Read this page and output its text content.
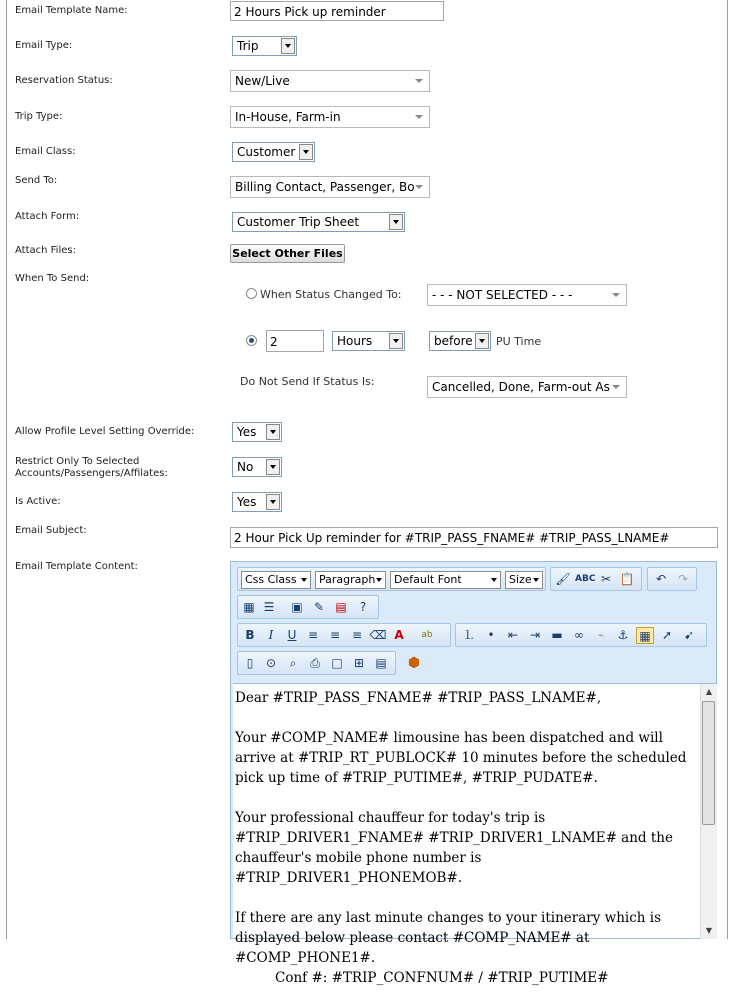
Email Template Name:	2 Hours Pick up reminder
Email Type:	Trip
Reservation Status:	New/Live
Trip Type:	In-House, Farm-in
Email Class:	Customer
Send To:	Billing Contact, Passenger, Bo
Attach Form:	Customer Trip Sheet
Attach Files:	Select Other Files
When To Send:
When Status Changed To:	- - - NOT SELECTED - - -
2	Hours	before	PU Time
Do Not Send If Status Is:	Cancelled, Done, Farm-out As
Allow Profile Level Setting Override:	Yes
Restrict Only To Selected
Accounts/Passengers/Affilates:	No
Is Active:	Yes
Email Subject:
2 Hour Pick Up reminder for #TRIP_PASS_FNAME# #TRIP_PASS_LNAME#
Email Template Content:
Css Class	Paragraph	Default Font	Size	🖌 ABC ✂ 📋	↶ ↷
▦ ☰	▣ ✎ ▤	?
B	I	U ≡ ≡ ≡ ⌫ A	ab	⒈	•	⇤ ⇥ ▬ ∞	⌁	⚓ ▦ ➚ ➹
▯	⊙	⌕	⎙ □ ⊞ ▤ ⬢

Dear #TRIP_PASS_FNAME# #TRIP_PASS_LNAME#,

Your #COMP_NAME# limousine has been dispatched and will arrive at #TRIP_RT_PUBLOCK# 10 minutes before the scheduled pick up time of #TRIP_PUTIME#, #TRIP_PUDATE#.

Your professional chauffeur for today's trip is #TRIP_DRIVER1_FNAME# #TRIP_DRIVER1_LNAME# and the chauffeur's mobile phone number is #TRIP_DRIVER1_PHONEMOB#.

If there are any last minute changes to your itinerary which is displayed below please contact #COMP_NAME# at #COMP_PHONE1#.

Conf #: #TRIP_CONFNUM# / #TRIP_PUTIME#

▲
▼
